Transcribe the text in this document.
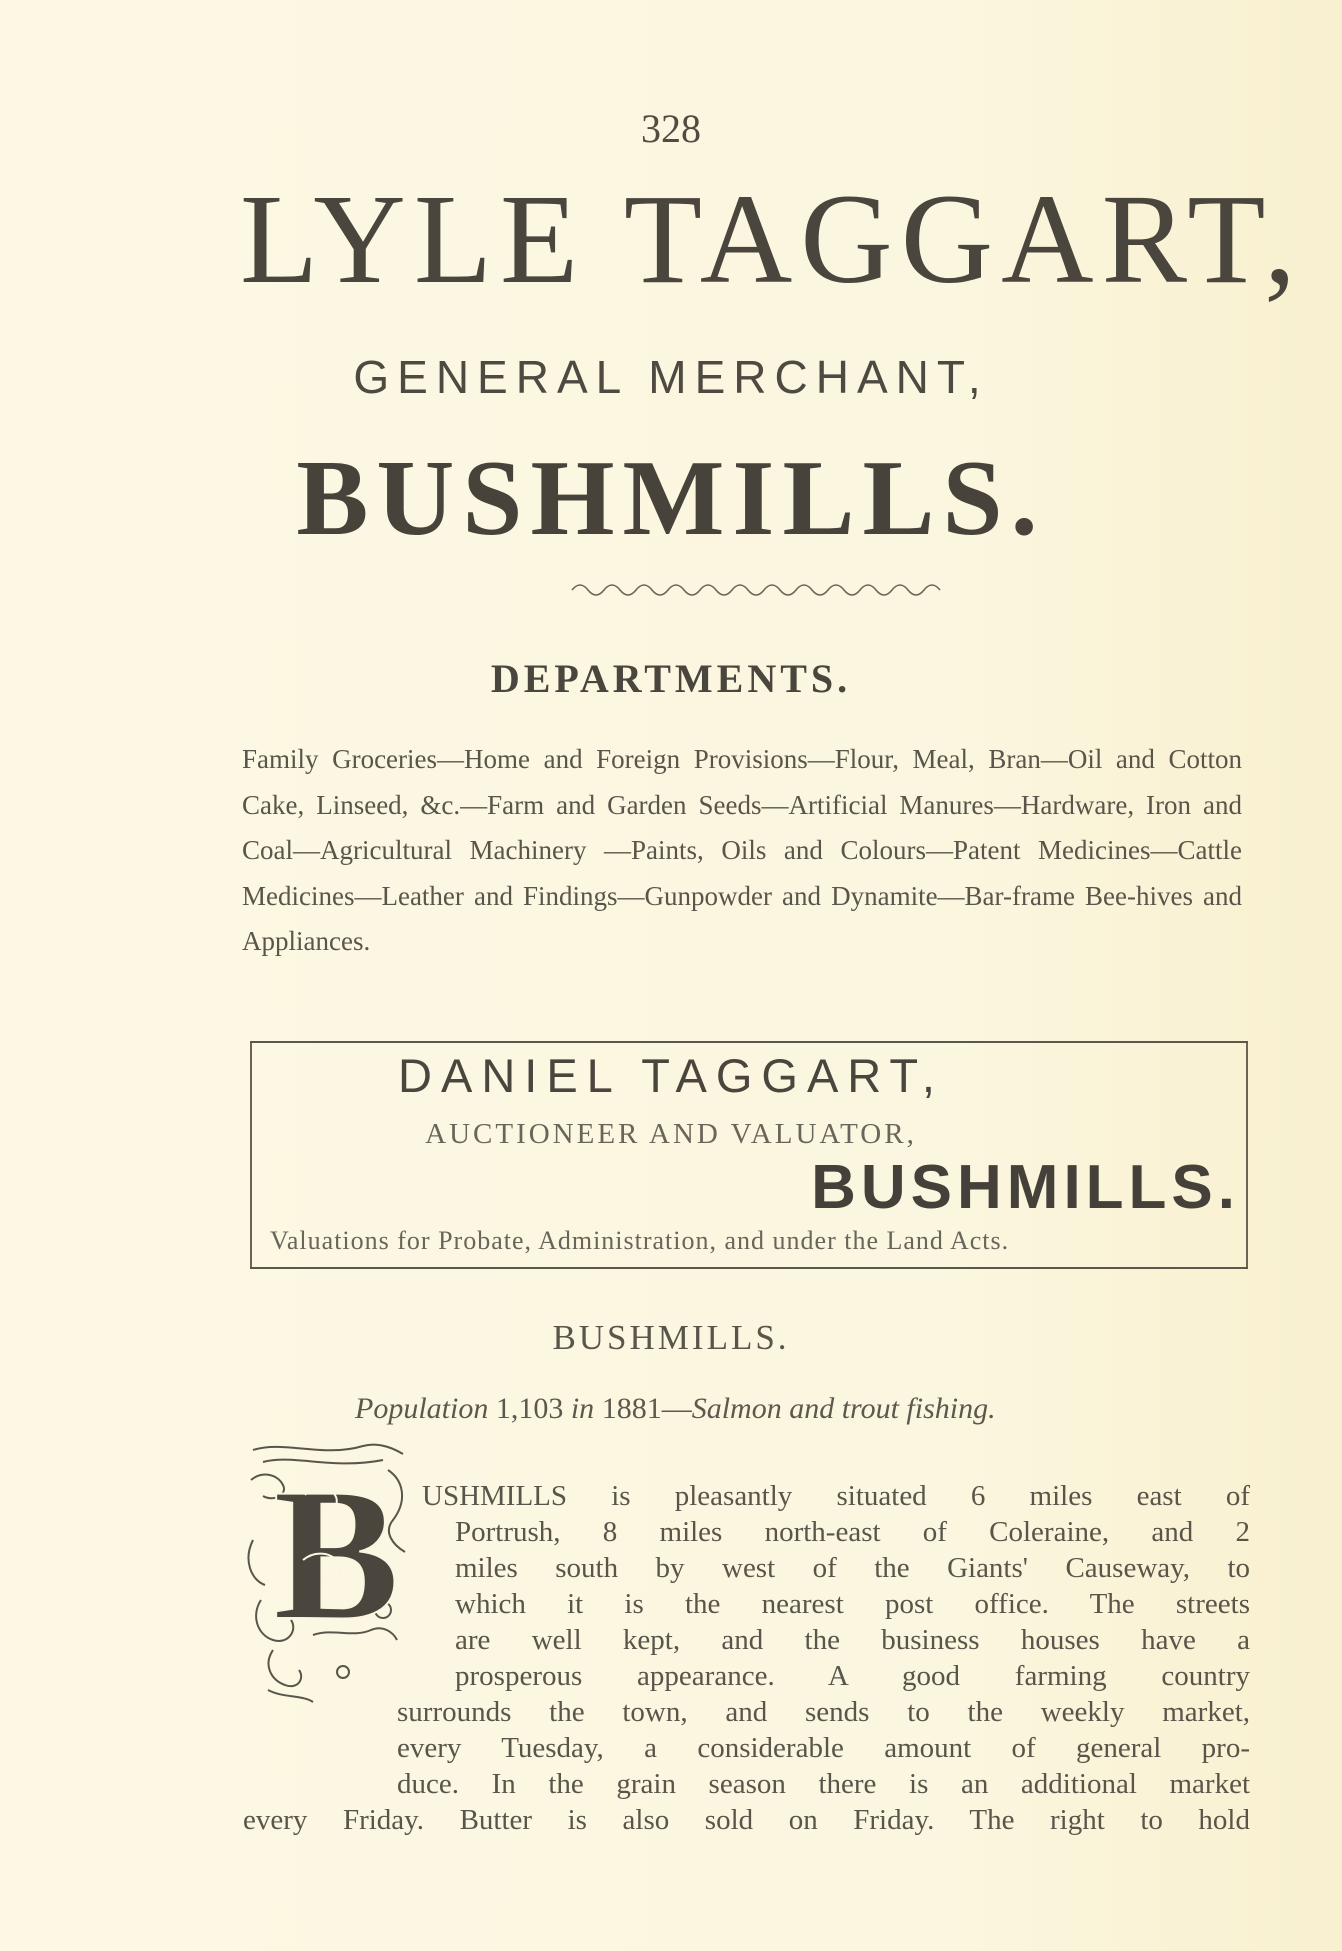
328
LYLE TAGGART,
GENERAL MERCHANT,
BUSHMILLS.
DEPARTMENTS.
Family Groceries—Home and Foreign Provisions—Flour, Meal, Bran—Oil and Cotton Cake, Linseed, &c.—Farm and Garden Seeds—Artificial Manures—Hardware, Iron and Coal—Agricultural Machinery —Paints, Oils and Colours—Patent Medicines—Cattle Medicines—Leather and Findings—Gunpowder and Dynamite—Bar-frame Bee-hives and Appliances.
DANIEL TAGGART,
AUCTIONEER AND VALUATOR,
BUSHMILLS.
Valuations for Probate, Administration, and under the Land Acts.
BUSHMILLS.
Population 1,103 in 1881—Salmon and trout fishing.
B USHMILLS is pleasantly situated 6 miles east of
Portrush, 8 miles north-east of Coleraine, and 2
miles south by west of the Giants' Causeway, to
which it is the nearest post office. The streets
are well kept, and the business houses have a
prosperous appearance. A good farming country
surrounds the town, and sends to the weekly market,
every Tuesday, a considerable amount of general pro-
duce. In the grain season there is an additional market
every Friday. Butter is also sold on Friday. The right to hold
